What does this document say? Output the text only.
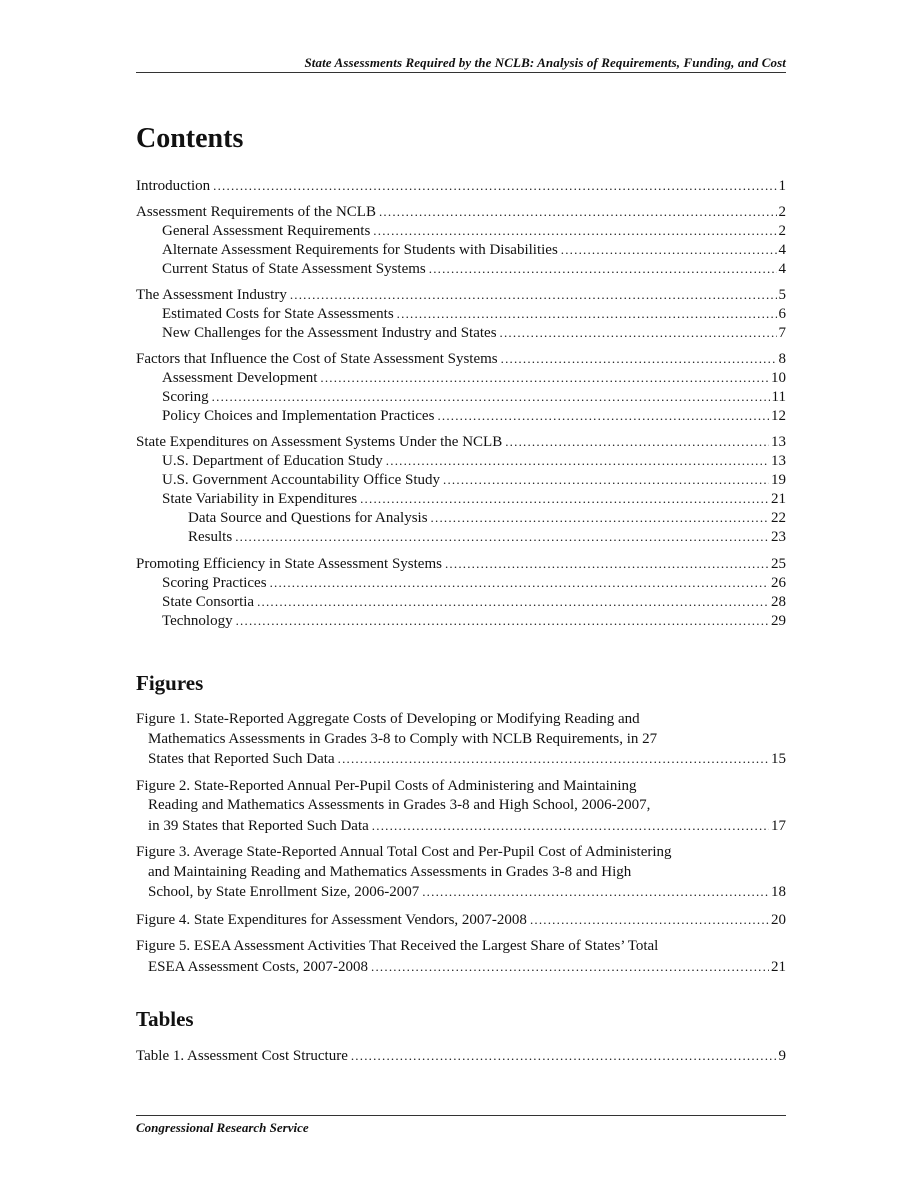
State Assessments Required by the NCLB: Analysis of Requirements, Funding, and Cost
Contents
Introduction .....	1
Assessment Requirements of the NCLB .....	2
General Assessment Requirements .....	2
Alternate Assessment Requirements for Students with Disabilities .....	4
Current Status of State Assessment Systems .....	4
The Assessment Industry .....	5
Estimated Costs for State Assessments .....	6
New Challenges for the Assessment Industry and States .....	7
Factors that Influence the Cost of State Assessment Systems .....	8
Assessment Development .....	10
Scoring .....	11
Policy Choices and Implementation Practices .....	12
State Expenditures on Assessment Systems Under the NCLB .....	13
U.S. Department of Education Study .....	13
U.S. Government Accountability Office Study .....	19
State Variability in Expenditures .....	21
Data Source and Questions for Analysis .....	22
Results .....	23
Promoting Efficiency in State Assessment Systems .....	25
Scoring Practices .....	26
State Consortia .....	28
Technology .....	29
Figures
Figure 1. State-Reported Aggregate Costs of Developing or Modifying Reading and
Mathematics Assessments in Grades 3-8 to Comply with NCLB Requirements, in 27
States that Reported Such Data .....	15
Figure 2. State-Reported Annual Per-Pupil Costs of Administering and Maintaining
Reading and Mathematics Assessments in Grades 3-8 and High School, 2006-2007,
in 39 States that Reported Such Data .....	17
Figure 3. Average State-Reported Annual Total Cost and Per-Pupil Cost of Administering
and Maintaining Reading and Mathematics Assessments in Grades 3-8 and High
School, by State Enrollment Size, 2006-2007 .....	18
Figure 4. State Expenditures for Assessment Vendors, 2007-2008 .....	20
Figure 5. ESEA Assessment Activities That Received the Largest Share of States’ Total
ESEA Assessment Costs, 2007-2008 .....	21
Tables
Table 1. Assessment Cost Structure .....	9
Congressional Research Service
